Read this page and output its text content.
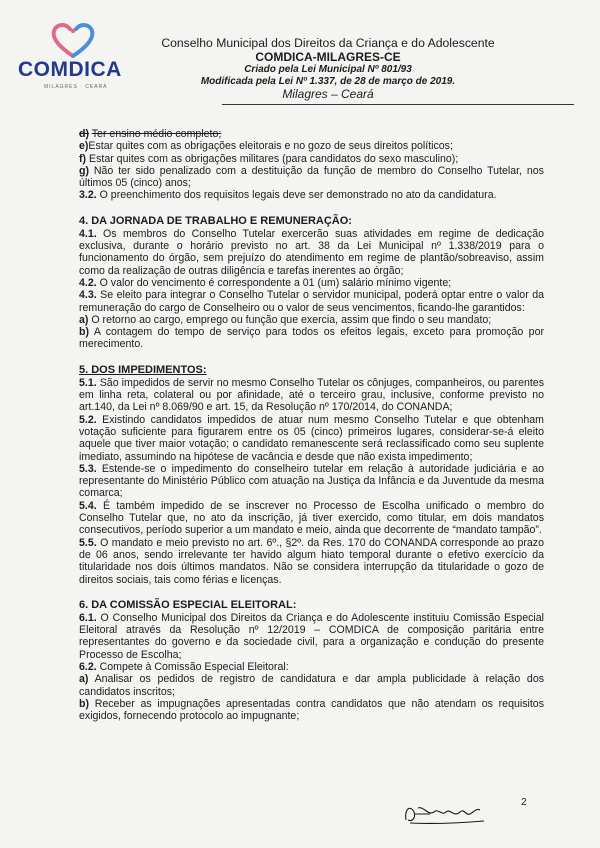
COMDICA
MILAGRES · CEARÁ
Conselho Municipal dos Direitos da Criança e do Adolescente
COMDICA-MILAGRES-CE
Criado pela Lei Municipal Nº 801/93
Modificada pela Lei Nº 1.337, de 28 de março de 2019.
Milagres – Ceará

d) Ter ensino médio completo;

e)Estar quites com as obrigações eleitorais e no gozo de seus direitos políticos;

f) Estar quites com as obrigações militares (para candidatos do sexo masculino);

g) Não ter sido penalizado com a destituição da função de membro do Conselho Tutelar, nos últimos 05 (cinco) anos;

3.2. O preenchimento dos requisitos legais deve ser demonstrado no ato da candidatura.

4. DA JORNADA DE TRABALHO E REMUNERAÇÃO:

4.1. Os membros do Conselho Tutelar exercerão suas atividades em regime de dedicação exclusiva, durante o horário previsto no art. 38 da Lei Municipal nº 1.338/2019 para o funcionamento do órgão, sem prejuízo do atendimento em regime de plantão/sobreaviso, assim como da realização de outras diligência e tarefas inerentes ao órgão;

4.2. O valor do vencimento é correspondente a 01 (um) salário mínimo vigente;

4.3. Se eleito para integrar o Conselho Tutelar o servidor municipal, poderá optar entre o valor da remuneração do cargo de Conselheiro ou o valor de seus vencimentos, ficando-lhe garantidos:

a) O retorno ao cargo, emprego ou função que exercia, assim que findo o seu mandato;

b) A contagem do tempo de serviço para todos os efeitos legais, exceto para promoção por merecimento.

5. DOS IMPEDIMENTOS:

5.1. São impedidos de servir no mesmo Conselho Tutelar os cônjuges, companheiros, ou parentes em linha reta, colateral ou por afinidade, até o terceiro grau, inclusive, conforme previsto no art.140, da Lei nº 8.069/90 e art. 15, da Resolução nº 170/2014, do CONANDA;

5.2. Existindo candidatos impedidos de atuar num mesmo Conselho Tutelar e que obtenham votação suficiente para figurarem entre os 05 (cinco) primeiros lugares, considerar-se-á eleito aquele que tiver maior votação; o candidato remanescente será reclassificado como seu suplente imediato, assumindo na hipótese de vacância e desde que não exista impedimento;

5.3. Estende-se o impedimento do conselheiro tutelar em relação à autoridade judiciária e ao representante do Ministério Público com atuação na Justiça da Infância e da Juventude da mesma comarca;

5.4. É também impedido de se inscrever no Processo de Escolha unificado o membro do Conselho Tutelar que, no ato da inscrição, já tiver exercido, como titular, em dois mandatos consecutivos, período superior a um mandato e meio, ainda que decorrente de “mandato tampão”.

5.5. O mandato e meio previsto no art. 6º., §2º. da Res. 170 do CONANDA corresponde ao prazo de 06 anos, sendo irrelevante ter havido algum hiato temporal durante o efetivo exercício da titularidade nos dois últimos mandatos. Não se considera interrupção da titularidade o gozo de direitos sociais, tais como férias e licenças.

6. DA COMISSÃO ESPECIAL ELEITORAL:

6.1. O Conselho Municipal dos Direitos da Criança e do Adolescente instituiu Comissão Especial Eleitoral através da Resolução nº 12/2019 – COMDICA de composição paritária entre representantes do governo e da sociedade civil, para a organização e condução do presente Processo de Escolha;

6.2. Compete à Comissão Especial Eleitoral:

a) Analisar os pedidos de registro de candidatura e dar ampla publicidade à relação dos candidatos inscritos;

b) Receber as impugnações apresentadas contra candidatos que não atendam os requisitos exigidos, fornecendo protocolo ao impugnante;

2
